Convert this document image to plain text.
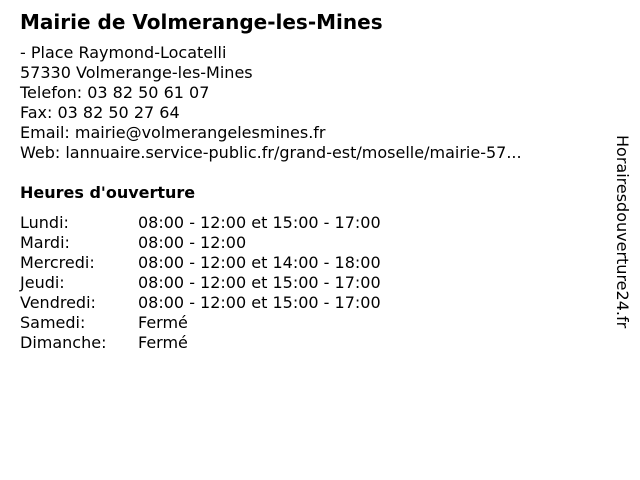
Mairie de Volmerange-les-Mines
- Place Raymond-Locatelli
57330 Volmerange-les-Mines
Telefon: 03 82 50 61 07
Fax: 03 82 50 27 64
Email: mairie@volmerangelesmines.fr
Web: lannuaire.service-public.fr/grand-est/moselle/mairie-57...
Heures d'ouverture
Lundi:	08:00 - 12:00 et 15:00 - 17:00
Mardi:	08:00 - 12:00
Mercredi:	08:00 - 12:00 et 14:00 - 18:00
Jeudi:	08:00 - 12:00 et 15:00 - 17:00
Vendredi:	08:00 - 12:00 et 15:00 - 17:00
Samedi:	Fermé
Dimanche:	Fermé
Horairesdouverture24.fr
